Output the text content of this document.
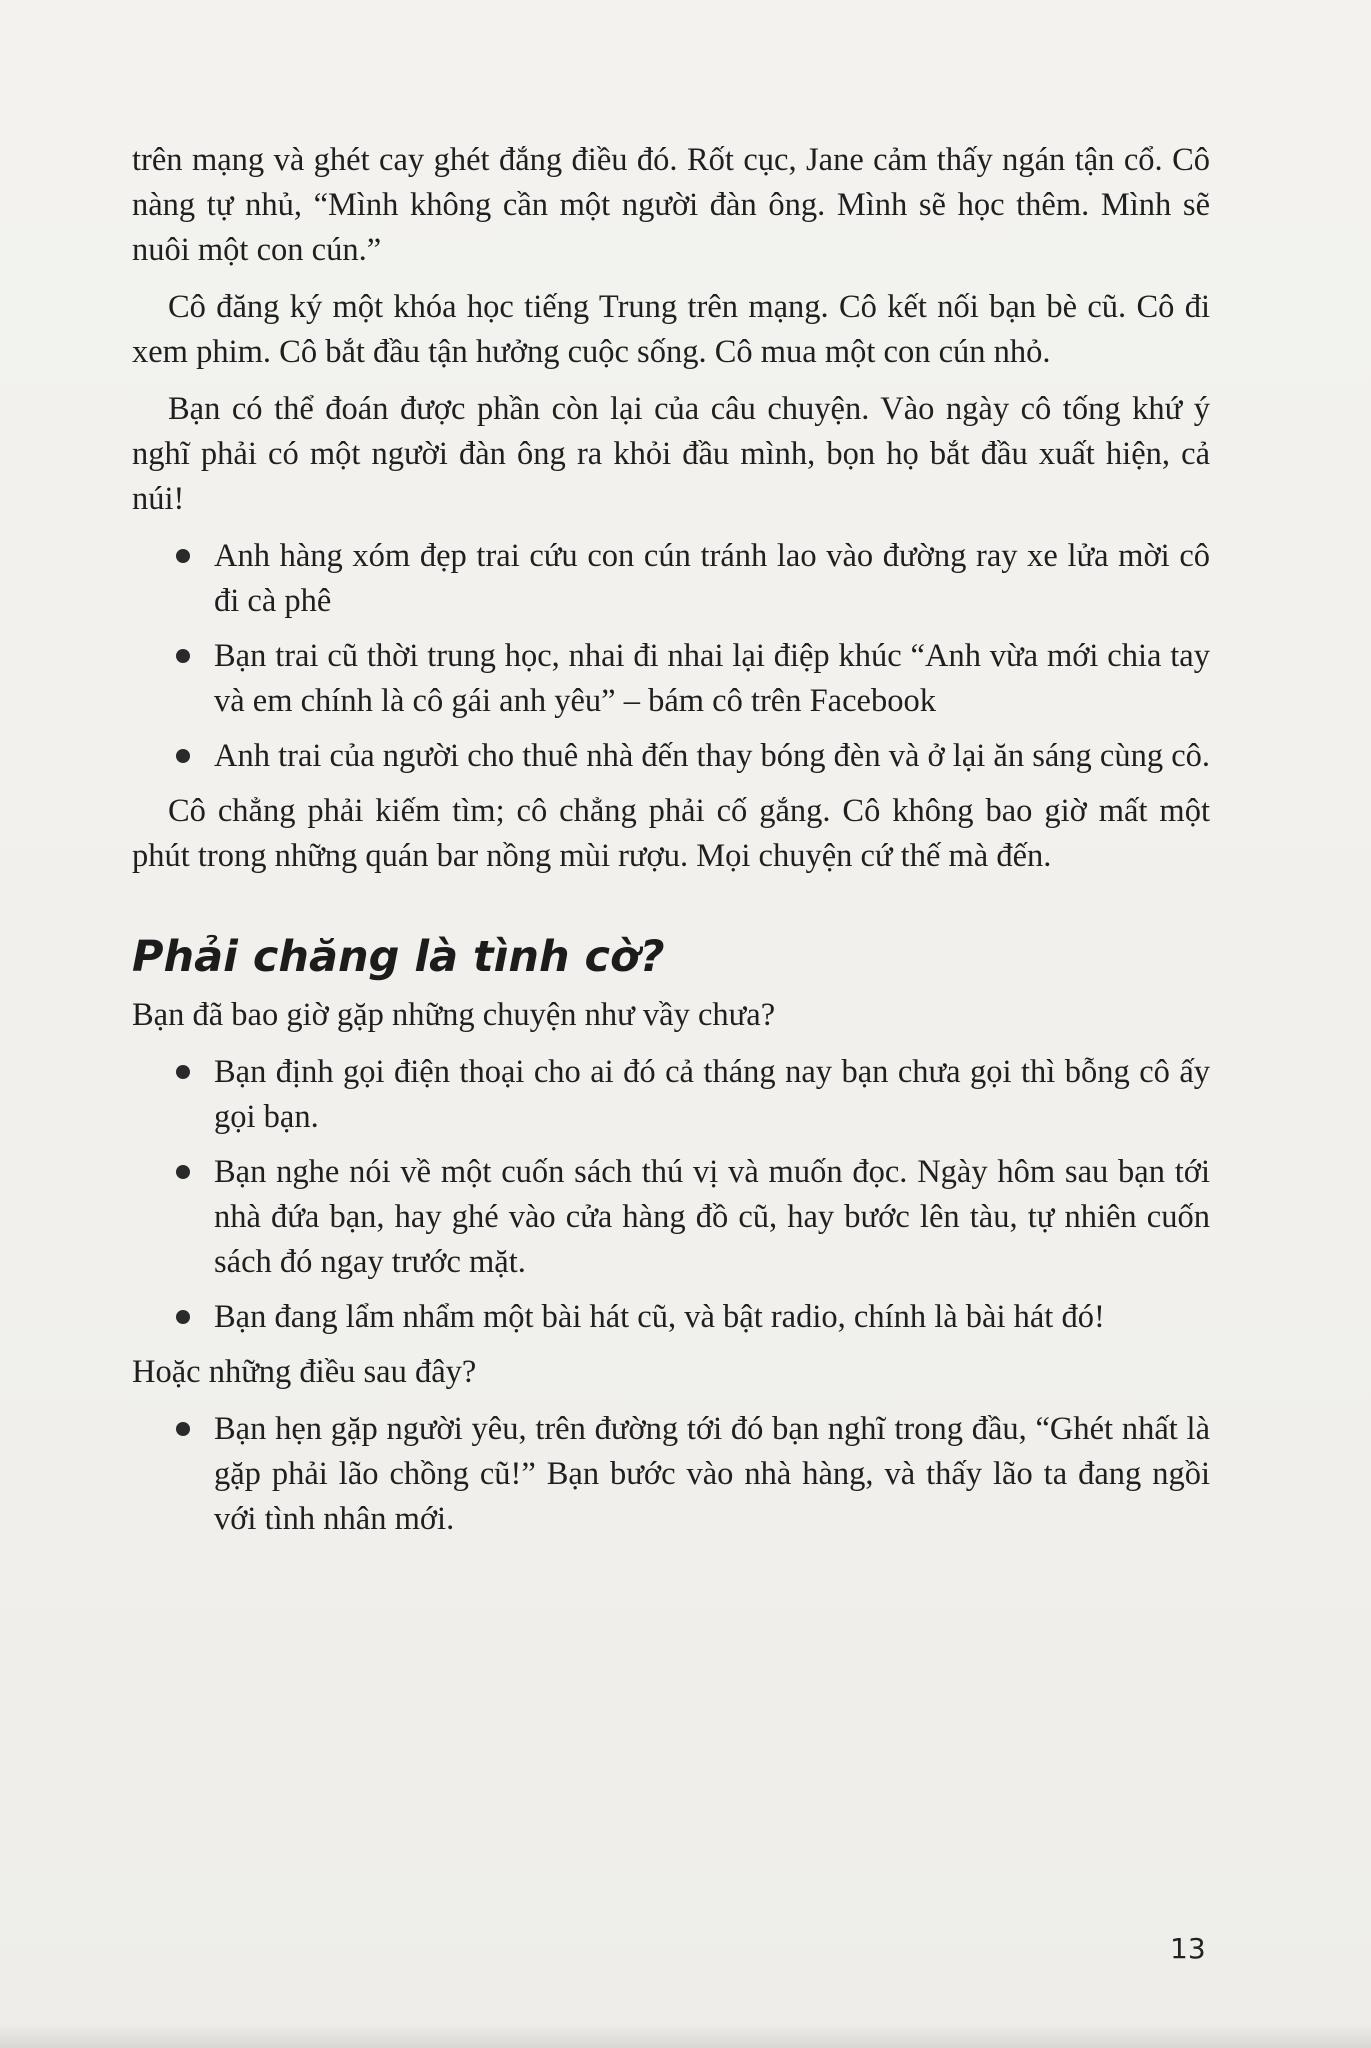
trên mạng và ghét cay ghét đắng điều đó. Rốt cục, Jane cảm thấy ngán tận cổ. Cô nàng tự nhủ, “Mình không cần một người đàn ông. Mình sẽ học thêm. Mình sẽ nuôi một con cún.”

Cô đăng ký một khóa học tiếng Trung trên mạng. Cô kết nối bạn bè cũ. Cô đi xem phim. Cô bắt đầu tận hưởng cuộc sống. Cô mua một con cún nhỏ.

Bạn có thể đoán được phần còn lại của câu chuyện. Vào ngày cô tống khứ ý nghĩ phải có một người đàn ông ra khỏi đầu mình, bọn họ bắt đầu xuất hiện, cả núi!

Anh hàng xóm đẹp trai cứu con cún tránh lao vào đường ray xe lửa mời cô đi cà phê
Bạn trai cũ thời trung học, nhai đi nhai lại điệp khúc “Anh vừa mới chia tay và em chính là cô gái anh yêu” – bám cô trên Facebook
Anh trai của người cho thuê nhà đến thay bóng đèn và ở lại ăn sáng cùng cô.

Cô chẳng phải kiếm tìm; cô chẳng phải cố gắng. Cô không bao giờ mất một phút trong những quán bar nồng mùi rượu. Mọi chuyện cứ thế mà đến.

Phải chăng là tình cờ?

Bạn đã bao giờ gặp những chuyện như vầy chưa?

Bạn định gọi điện thoại cho ai đó cả tháng nay bạn chưa gọi thì bỗng cô ấy gọi bạn.
Bạn nghe nói về một cuốn sách thú vị và muốn đọc. Ngày hôm sau bạn tới nhà đứa bạn, hay ghé vào cửa hàng đồ cũ, hay bước lên tàu, tự nhiên cuốn sách đó ngay trước mặt.
Bạn đang lẩm nhẩm một bài hát cũ, và bật radio, chính là bài hát đó!

Hoặc những điều sau đây?

Bạn hẹn gặp người yêu, trên đường tới đó bạn nghĩ trong đầu, “Ghét nhất là gặp phải lão chồng cũ!” Bạn bước vào nhà hàng, và thấy lão ta đang ngồi với tình nhân mới.
13
